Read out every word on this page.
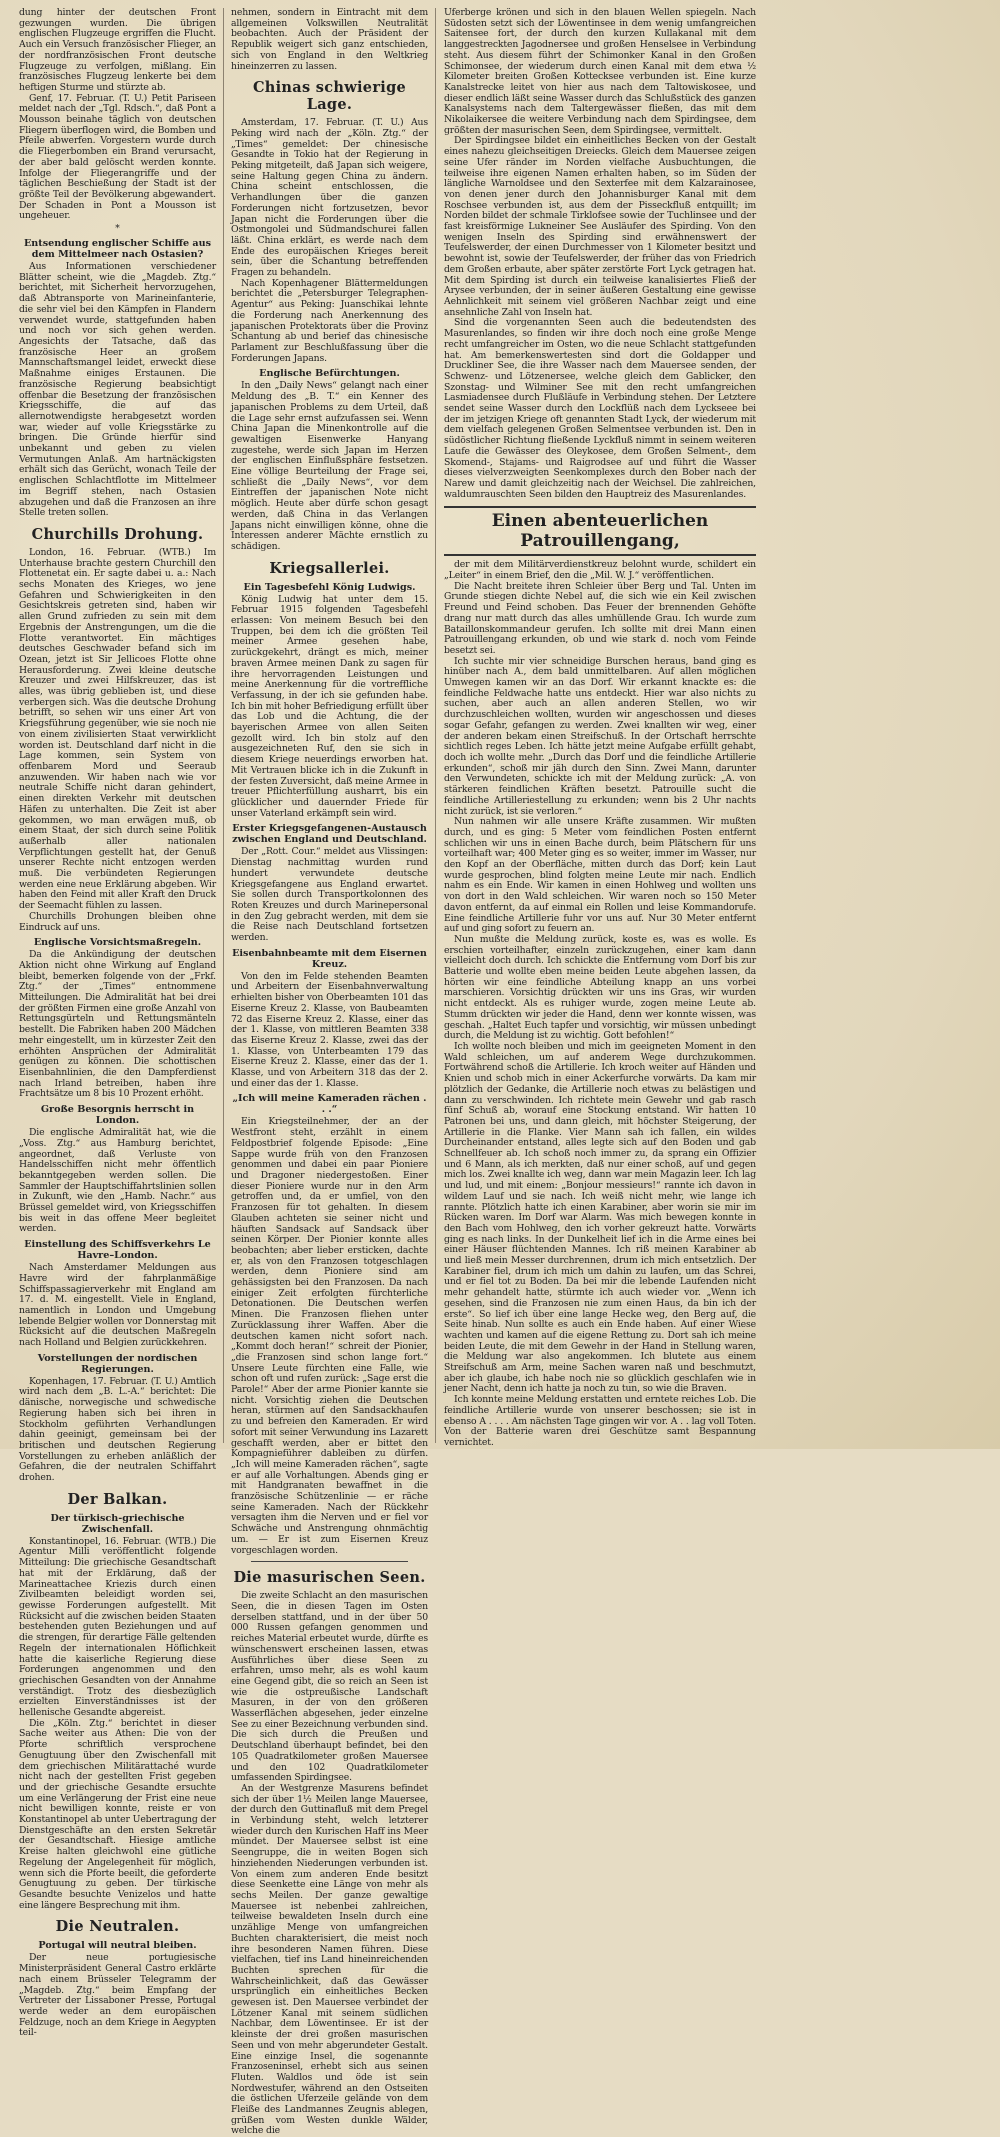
dung hinter der deutschen Front gezwungen wurden. Die übrigen englischen Flugzeuge ergriffen die Flucht. Auch ein Versuch französischer Flieger, an der nordfranzösischen Front deutsche Flugzeuge zu verfolgen, mißlang. Ein französisches Flugzeug lenkerte bei dem heftigen Sturme und stürzte ab.

Genf, 17. Februar. (T. U.) Petit Pariseen meldet nach der „Tgl. Rdsch.“, daß Pont a Mousson beinahe täglich von deutschen Fliegern überflogen wird, die Bomben und Pfeile abwerfen. Vorgestern wurde durch die Fliegerbomben ein Brand verursacht, der aber bald gelöscht werden konnte. Infolge der Fliegerangriffe und der täglichen Beschießung der Stadt ist der größte Teil der Bevölkerung abgewandert. Der Schaden in Pont a Mousson ist ungeheuer.

*
Entsendung englischer Schiffe aus dem Mittelmeer nach Ostasien?

Aus Informationen verschiedener Blätter scheint, wie die „Magdeb. Ztg.“ berichtet, mit Sicherheit hervorzugehen, daß Abtransporte von Marineinfanterie, die sehr viel bei den Kämpfen in Flandern verwendet wurde, stattgefunden haben und noch vor sich gehen werden. Angesichts der Tatsache, daß das französische Heer an großem Mannschaftsmangel leidet, erweckt diese Maßnahme einiges Erstaunen. Die französische Regierung beabsichtigt offenbar die Besetzung der französischen Kriegsschiffe, die auf das allernotwendigste herabgesetzt worden war, wieder auf volle Kriegsstärke zu bringen. Die Gründe hierfür sind unbekannt und geben zu vielen Vermutungen Anlaß. Am hartnäckigsten erhält sich das Gerücht, wonach Teile der englischen Schlachtflotte im Mittelmeer im Begriff stehen, nach Ostasien abzugehen und daß die Franzosen an ihre Stelle treten sollen.

Churchills Drohung.

London, 16. Februar. (WTB.) Im Unterhause brachte gestern Churchill den Flottenetat ein. Er sagte dabei u. a.: Nach sechs Monaten des Krieges, wo jene Gefahren und Schwierigkeiten in den Gesichtskreis getreten sind, haben wir allen Grund zufrieden zu sein mit dem Ergebnis der Anstrengungen, um die die Flotte verantwortet. Ein mächtiges deutsches Geschwader befand sich im Ozean, jetzt ist Sir Jellicoes Flotte ohne Herausforderung. Zwei kleine deutsche Kreuzer und zwei Hilfskreuzer, das ist alles, was übrig geblieben ist, und diese verbergen sich. Was die deutsche Drohung betrifft, so sehen wir uns einer Art von Kriegsführung gegenüber, wie sie noch nie von einem zivilisierten Staat verwirklicht worden ist. Deutschland darf nicht in die Lage kommen, sein System von offenbarem Mord und Seeraub anzuwenden. Wir haben nach wie vor neutrale Schiffe nicht daran gehindert, einen direkten Verkehr mit deutschen Häfen zu unterhalten. Die Zeit ist aber gekommen, wo man erwägen muß, ob einem Staat, der sich durch seine Politik außerhalb aller nationalen Verpflichtungen gestellt hat, der Genuß unserer Rechte nicht entzogen werden muß. Die verbündeten Regierungen werden eine neue Erklärung abgeben. Wir haben den Feind mit aller Kraft den Druck der Seemacht fühlen zu lassen.

Churchills Drohungen bleiben ohne Eindruck auf uns.

Englische Vorsichtsmaßregeln.

Da die Ankündigung der deutschen Aktion nicht ohne Wirkung auf England bleibt, bemerken folgende von der „Frkf. Ztg.“ der „Times“ entnommene Mitteilungen. Die Admiralität hat bei drei der größten Firmen eine große Anzahl von Rettungsgürteln und Rettungsmänteln bestellt. Die Fabriken haben 200 Mädchen mehr eingestellt, um in kürzester Zeit den erhöhten Ansprüchen der Admiralität genügen zu können. Die schottischen Eisenbahnlinien, die den Dampferdienst nach Irland betreiben, haben ihre Frachtsätze um 8 bis 10 Prozent erhöht.

Große Besorgnis herrscht in London.

Die englische Admiralität hat, wie die „Voss. Ztg.“ aus Hamburg berichtet, angeordnet, daß Verluste von Handelsschiffen nicht mehr öffentlich bekanntgegeben werden sollen. Die Sammler der Hauptschiffahrtslinien sollen in Zukunft, wie den „Hamb. Nachr.“ aus Brüssel gemeldet wird, von Kriegsschiffen bis weit in das offene Meer begleitet werden.

Einstellung des Schiffsverkehrs Le Havre–London.

Nach Amsterdamer Meldungen aus Havre wird der fahrplanmäßige Schiffspassagierverkehr mit England am 17. d. M. eingestellt. Viele in England, namentlich in London und Umgebung lebende Belgier wollen vor Donnerstag mit Rücksicht auf die deutschen Maßregeln nach Holland und Belgien zurückkehren.

Vorstellungen der nordischen Regierungen.

Kopenhagen, 17. Februar. (T. U.) Amtlich wird nach dem „B. L.-A.“ berichtet: Die dänische, norwegische und schwedische Regierung haben sich bei ihren in Stockholm geführten Verhandlungen dahin geeinigt, gemeinsam bei der britischen und deutschen Regierung Vorstellungen zu erheben anläßlich der Gefahren, die der neutralen Schiffahrt drohen.

Der Balkan.
Der türkisch-griechische Zwischenfall.

Konstantinopel, 16. Februar. (WTB.) Die Agentur Milli veröffentlicht folgende Mitteilung: Die griechische Gesandtschaft hat mit der Erklärung, daß der Marineattachee Kriezis durch einen Zivilbeamten beleidigt worden sei, gewisse Forderungen aufgestellt. Mit Rücksicht auf die zwischen beiden Staaten bestehenden guten Beziehungen und auf die strengen, für derartige Fälle geltenden Regeln der internationalen Höflichkeit hatte die kaiserliche Regierung diese Forderungen angenommen und den griechischen Gesandten von der Annahme verständigt. Trotz des diesbezüglich erzielten Einverständnisses ist der hellenische Gesandte abgereist.

Die „Köln. Ztg.“ berichtet in dieser Sache weiter aus Athen: Die von der Pforte schriftlich versprochene Genugtuung über den Zwischenfall mit dem griechischen Militärattaché wurde nicht nach der gestellten Frist gegeben und der griechische Gesandte ersuchte um eine Verlängerung der Frist eine neue nicht bewilligen konnte, reiste er von Konstantinopel ab unter Uebertragung der Dienstgeschäfte an den ersten Sekretär der Gesandtschaft. Hiesige amtliche Kreise halten gleichwohl eine gütliche Regelung der Angelegenheit für möglich, wenn sich die Pforte beeilt, die geforderte Genugtuung zu geben. Der türkische Gesandte besuchte Venizelos und hatte eine längere Besprechung mit ihm.

Die Neutralen.
Portugal will neutral bleiben.

Der neue portugiesische Ministerpräsident General Castro erklärte nach einem Brüsseler Telegramm der „Magdeb. Ztg.“ beim Empfang der Vertreter der Lissaboner Presse, Portugal werde weder an dem europäischen Feldzuge, noch an dem Kriege in Aegypten teil-

nehmen, sondern in Eintracht mit dem allgemeinen Volkswillen Neutralität beobachten. Auch der Präsident der Republik weigert sich ganz entschieden, sich von England in den Weltkrieg hineinzerren zu lassen.

Chinas schwierige Lage.

Amsterdam, 17. Februar. (T. U.) Aus Peking wird nach der „Köln. Ztg.“ der „Times“ gemeldet: Der chinesische Gesandte in Tokio hat der Regierung in Peking mitgeteilt, daß Japan sich weigere, seine Haltung gegen China zu ändern. China scheint entschlossen, die Verhandlungen über die ganzen Forderungen nicht fortzusetzen, bevor Japan nicht die Forderungen über die Ostmongolei und Südmandschurei fallen läßt. China erklärt, es werde nach dem Ende des europäischen Krieges bereit sein, über die Schantung betreffenden Fragen zu behandeln.

Nach Kopenhagener Blättermeldungen berichtet die „Petersburger Telegraphen-Agentur“ aus Peking: Juanschikai lehnte die Forderung nach Anerkennung des japanischen Protektorats über die Provinz Schantung ab und berief das chinesische Parlament zur Beschlußfassung über die Forderungen Japans.

Englische Befürchtungen.

In den „Daily News“ gelangt nach einer Meldung des „B. T.“ ein Kenner des japanischen Problems zu dem Urteil, daß die Lage sehr ernst aufzufassen sei. Wenn China Japan die Minenkontrolle auf die gewaltigen Eisenwerke Hanyang zugestehe, werde sich Japan im Herzen der englischen Einflußsphäre festsetzen. Eine völlige Beurteilung der Frage sei, schließt die „Daily News“, vor dem Eintreffen der japanischen Note nicht möglich. Heute aber dürfe schon gesagt werden, daß China in das Verlangen Japans nicht einwilligen könne, ohne die Interessen anderer Mächte ernstlich zu schädigen.

Kriegsallerlei.
Ein Tagesbefehl König Ludwigs.

König Ludwig hat unter dem 15. Februar 1915 folgenden Tagesbefehl erlassen: Von meinem Besuch bei den Truppen, bei dem ich die größten Teil meiner Armee gesehen habe, zurückgekehrt, drängt es mich, meiner braven Armee meinen Dank zu sagen für ihre hervorragenden Leistungen und meine Anerkennung für die vortreffliche Verfassung, in der ich sie gefunden habe. Ich bin mit hoher Befriedigung erfüllt über das Lob und die Achtung, die der bayerischen Armee von allen Seiten gezollt wird. Ich bin stolz auf den ausgezeichneten Ruf, den sie sich in diesem Kriege neuerdings erworben hat. Mit Vertrauen blicke ich in die Zukunft in der festen Zuversicht, daß meine Armee in treuer Pflichterfüllung ausharrt, bis ein glücklicher und dauernder Friede für unser Vaterland erkämpft sein wird.

Erster Kriegsgefangenen-Austausch zwischen England und Deutschland.

Der „Rott. Cour.“ meldet aus Vlissingen: Dienstag nachmittag wurden rund hundert verwundete deutsche Kriegsgefangene aus England erwartet. Sie sollen durch Transportkolonnen des Roten Kreuzes und durch Marinepersonal in den Zug gebracht werden, mit dem sie die Reise nach Deutschland fortsetzen werden.

Eisenbahnbeamte mit dem Eisernen Kreuz.

Von den im Felde stehenden Beamten und Arbeitern der Eisenbahnverwaltung erhielten bisher von Oberbeamten 101 das Eiserne Kreuz 2. Klasse, von Baubeamten 72 das Eiserne Kreuz 2. Klasse, einer das der 1. Klasse, von mittleren Beamten 338 das Eiserne Kreuz 2. Klasse, zwei das der 1. Klasse, von Unterbeamten 179 das Eiserne Kreuz 2. Klasse, einer das der 1. Klasse, und von Arbeitern 318 das der 2. und einer das der 1. Klasse.

„Ich will meine Kameraden rächen . . .“

Ein Kriegsteilnehmer, der an der Westfront steht, erzählt in einem Feldpostbrief folgende Episode: „Eine Sappe wurde früh von den Franzosen genommen und dabei ein paar Pioniere und Dragoner niedergestoßen. Einer dieser Pioniere wurde nur in den Arm getroffen und, da er umfiel, von den Franzosen für tot gehalten. In diesem Glauben achteten sie seiner nicht und häuften Sandsack auf Sandsack über seinen Körper. Der Pionier konnte alles beobachten; aber lieber ersticken, dachte er, als von den Franzosen totgeschlagen werden, denn Pioniere sind am gehässigsten bei den Franzosen. Da nach einiger Zeit erfolgten fürchterliche Detonationen. Die Deutschen werfen Minen. Die Franzosen fliehen unter Zurücklassung ihrer Waffen. Aber die deutschen kamen nicht sofort nach. „Kommt doch heran!“ schreit der Pionier, „die Franzosen sind schon lange fort.“ Unsere Leute fürchten eine Falle, wie schon oft und rufen zurück: „Sage erst die Parole!“ Aber der arme Pionier kannte sie nicht. Vorsichtig ziehen die Deutschen heran, stürmen auf den Sandsackhaufen zu und befreien den Kameraden. Er wird sofort mit seiner Verwundung ins Lazarett geschafft werden, aber er bittet den Kompagnieführer dableiben zu dürfen. „Ich will meine Kameraden rächen“, sagte er auf alle Vorhaltungen. Abends ging er mit Handgranaten bewaffnet in die französische Schützenlinie — er räche seine Kameraden. Nach der Rückkehr versagten ihm die Nerven und er fiel vor Schwäche und Anstrengung ohnmächtig um. — Er ist zum Eisernen Kreuz vorgeschlagen worden.

Die masurischen Seen.

Die zweite Schlacht an den masurischen Seen, die in diesen Tagen im Osten derselben stattfand, und in der über 50 000 Russen gefangen genommen und reiches Material erbeutet wurde, dürfte es wünschenswert erscheinen lassen, etwas Ausführliches über diese Seen zu erfahren, umso mehr, als es wohl kaum eine Gegend gibt, die so reich an Seen ist wie die ostpreußische Landschaft Masuren, in der von den größeren Wasserflächen abgesehen, jeder einzelne See zu einer Bezeichnung verbunden sind. Die sich durch die Preußen und Deutschland überhaupt befindet, bei den 105 Quadratkilometer großen Mauersee und den 102 Quadratkilometer umfassenden Spirdingsee.

An der Westgrenze Masurens befindet sich der über 1½ Meilen lange Mauersee, der durch den Guttinafluß mit dem Pregel in Verbindung steht, welch letzterer wieder durch den Kurischen Haff ins Meer mündet. Der Mauersee selbst ist eine Seengruppe, die in weiten Bogen sich hinziehenden Niederungen verbunden ist. Von einem zum anderen Ende besitzt diese Seenkette eine Länge von mehr als sechs Meilen. Der ganze gewaltige Mauersee ist nebenbei zahlreichen, teilweise bewaldeten Inseln durch eine unzählige Menge von umfangreichen Buchten charakterisiert, die meist noch ihre besonderen Namen führen. Diese vielfachen, tief ins Land hineinreichenden Buchten sprechen für die Wahrscheinlichkeit, daß das Gewässer ursprünglich ein einheitliches Becken gewesen ist. Den Mauersee verbindet der Lötzener Kanal mit seinem südlichen Nachbar, dem Löwentinsee. Er ist der kleinste der drei großen masurischen Seen und von mehr abgerundeter Gestalt. Eine einzige Insel, die sogenannte Franzoseninsel, erhebt sich aus seinen Fluten. Waldlos und öde ist sein Nordwestufer, während an den Ostseiten die östlichen Uferzeile gelände von dem Fleiße des Landmannes Zeugnis ablegen, grüßen vom Westen dunkle Wälder, welche die

Uferberge krönen und sich in den blauen Wellen spiegeln. Nach Südosten setzt sich der Löwentinsee in dem wenig umfangreichen Saitensee fort, der durch den kurzen Kullakanal mit dem langgestreckten Jagodnersee und großen Henselsee in Verbindung steht. Aus diesem führt der Schimonker Kanal in den Großen Schimonsee, der wiederum durch einen Kanal mit dem etwa ½ Kilometer breiten Großen Kottecksee verbunden ist. Eine kurze Kanalstrecke leitet von hier aus nach dem Taltowiskosee, und dieser endlich läßt seine Wasser durch das Schlußstück des ganzen Kanalsystems nach dem Taltergewässer fließen, das mit dem Nikolaikersee die weitere Verbindung nach dem Spirdingsee, dem größten der masurischen Seen, dem Spirdingsee, vermittelt.

Der Spirdingsee bildet ein einheitliches Becken von der Gestalt eines nahezu gleichseitigen Dreiecks. Gleich dem Mauersee zeigen seine Ufer ränder im Norden vielfache Ausbuchtungen, die teilweise ihre eigenen Namen erhalten haben, so im Süden der längliche Warnoldsee und den Sexterfee mit dem Kalzarainosee, von denen jener durch den Johannisburger Kanal mit dem Roschsee verbunden ist, aus dem der Pisseckfluß entquillt; im Norden bildet der schmale Tirklofsee sowie der Tuchlinsee und der fast kreisförmige Lukneiner See Ausläufer des Spirding. Von den wenigen Inseln des Spirding sind erwähnenswert der Teufelswerder, der einen Durchmesser von 1 Kilometer besitzt und bewohnt ist, sowie der Teufelswerder, der früher das von Friedrich dem Großen erbaute, aber später zerstörte Fort Lyck getragen hat. Mit dem Spirding ist durch ein teilweise kanalisiertes Fließ der Arysee verbunden, der in seiner äußeren Gestaltung eine gewisse Aehnlichkeit mit seinem viel größeren Nachbar zeigt und eine ansehnliche Zahl von Inseln hat.

Sind die vorgenannten Seen auch die bedeutendsten des Masurenlandes, so finden wir ihre doch noch eine große Menge recht umfangreicher im Osten, wo die neue Schlacht stattgefunden hat. Am bemerkenswertesten sind dort die Goldapper und Druckliner See, die ihre Wasser nach dem Mauersee senden, der Schwenz- und Lötzenersee, welche gleich dem Gablicker, den Szonstag- und Wilminer See mit den recht umfangreichen Lasmiadensee durch Flußläufe in Verbindung stehen. Der Letztere sendet seine Wasser durch den Lockflüß nach dem Lyckseee bei der im jetzigen Kriege oft genannten Stadt Lyck, der wiederum mit dem vielfach gelegenen Großen Selmentsee verbunden ist. Den in südöstlicher Richtung fließende Lyckfluß nimmt in seinem weiteren Laufe die Gewässer des Oleykosee, dem Großen Selment-, dem Skomend-, Stajams- und Raigrodsee auf und führt die Wasser dieses vielverzweigten Seenkomplexes durch den Bober nach der Narew und damit gleichzeitig nach der Weichsel. Die zahlreichen, waldumrauschten Seen bilden den Hauptreiz des Masurenlandes.

Einen abenteuerlichen Patrouillengang,

der mit dem Militärverdienstkreuz belohnt wurde, schildert ein „Leiter“ in einem Brief, den die „Mil. W. J.“ veröffentlichen.

Die Nacht breitete ihren Schleier über Berg und Tal. Unten im Grunde stiegen dichte Nebel auf, die sich wie ein Keil zwischen Freund und Feind schoben. Das Feuer der brennenden Gehöfte drang nur matt durch das alles umhüllende Grau. Ich wurde zum Bataillonskommandeur gerufen. Ich sollte mit drei Mann einen Patrouillengang erkunden, ob und wie stark d. noch vom Feinde besetzt sei.

Ich suchte mir vier schneidige Burschen heraus, band ging es hinüber nach A., dem bald unmittelbaren. Auf allen möglichen Umwegen kamen wir an das Dorf. Wir erkannt knackte es: die feindliche Feldwache hatte uns entdeckt. Hier war also nichts zu suchen, aber auch an allen anderen Stellen, wo wir durchzuschleichen wollten, wurden wir angeschossen und dieses sogar Gefahr, gefangen zu werden. Zwei knallten wir weg, einer der anderen bekam einen Streifschuß. In der Ortschaft herrschte sichtlich reges Leben. Ich hätte jetzt meine Aufgabe erfüllt gehabt, doch ich wollte mehr. „Durch das Dorf und die feindliche Artillerie erkunden“, schoß mir jäh durch den Sinn. Zwei Mann, darunter den Verwundeten, schickte ich mit der Meldung zurück: „A. von stärkeren feindlichen Kräften besetzt. Patrouille sucht die feindliche Artilleriestellung zu erkunden; wenn bis 2 Uhr nachts nicht zurück, ist sie verloren.“

Nun nahmen wir alle unsere Kräfte zusammen. Wir mußten durch, und es ging: 5 Meter vom feindlichen Posten entfernt schlichen wir uns in einen Bache durch, beim Plätschern für uns vorteilhaft war; 400 Meter ging es so weiter, immer im Wasser, nur den Kopf an der Oberfläche, mitten durch das Dorf; kein Laut wurde gesprochen, blind folgten meine Leute mir nach. Endlich nahm es ein Ende. Wir kamen in einen Hohlweg und wollten uns von dort in den Wald schleichen. Wir waren noch so 150 Meter davon entfernt, da auf einmal ein Rollen und leise Kommandorufe. Eine feindliche Artillerie fuhr vor uns auf. Nur 30 Meter entfernt auf und ging sofort zu feuern an.

Nun mußte die Meldung zurück, koste es, was es wolle. Es erschien vorteilhafter, einzeln zurückzugehen, einer kam dann vielleicht doch durch. Ich schickte die Entfernung vom Dorf bis zur Batterie und wollte eben meine beiden Leute abgehen lassen, da hörten wir eine feindliche Abteilung knapp an uns vorbei marschieren. Vorsichtig drückten wir uns ins Gras, wir wurden nicht entdeckt. Als es ruhiger wurde, zogen meine Leute ab. Stumm drückten wir jeder die Hand, denn wer konnte wissen, was geschah. „Haltet Euch tapfer und vorsichtig, wir müssen unbedingt durch, die Meldung ist zu wichtig. Gott befohlen!“

Ich wollte noch bleiben und mich im geeigneten Moment in den Wald schleichen, um auf anderem Wege durchzukommen. Fortwährend schoß die Artillerie. Ich kroch weiter auf Händen und Knien und schob mich in einer Ackerfurche vorwärts. Da kam mir plötzlich der Gedanke, die Artillerie noch etwas zu belästigen und dann zu verschwinden. Ich richtete mein Gewehr und gab rasch fünf Schuß ab, worauf eine Stockung entstand. Wir hatten 10 Patronen bei uns, und dann gleich, mit höchster Steigerung, der Artillerie in die Flanke. Vier Mann sah ich fallen, ein wildes Durcheinander entstand, alles legte sich auf den Boden und gab Schnellfeuer ab. Ich schoß noch immer zu, da sprang ein Offizier und 6 Mann, als ich merkten, daß nur einer schoß, auf und gegen mich los. Zwei knallte ich weg, dann war mein Magazin leer. Ich lag und lud, und mit einem: „Bonjour messieurs!“ rannte ich davon in wildem Lauf und sie nach. Ich weiß nicht mehr, wie lange ich rannte. Plötzlich hatte ich einen Karabiner, aber worin sie mir im Rücken waren. Im Dorf war Alarm. Was mich bewegen konnte in den Bach vom Hohlweg, den ich vorher gekreuzt hatte. Vorwärts ging es nach links. In der Dunkelheit lief ich in die Arme eines bei einer Häuser flüchtenden Mannes. Ich riß meinen Karabiner ab und ließ mein Messer durchrennen, drum ich mich entsetzlich. Der Karabiner fiel, drum ich mich um dahin zu laufen, um das Schrei, und er fiel tot zu Boden. Da bei mir die lebende Laufenden nicht mehr gehandelt hatte, stürmte ich auch wieder vor. „Wenn ich gesehen, sind die Franzosen nie zum einen Haus, da bin ich der erste“. So lief ich über eine lange Hecke weg, den Berg auf, die Seite hinab. Nun sollte es auch ein Ende haben. Auf einer Wiese wachten und kamen auf die eigene Rettung zu. Dort sah ich meine beiden Leute, die mit dem Gewehr in der Hand in Stellung waren, die Meldung war also angekommen. Ich blutete aus einem Streifschuß am Arm, meine Sachen waren naß und beschmutzt, aber ich glaube, ich habe noch nie so glücklich geschlafen wie in jener Nacht, denn ich hatte ja noch zu tun, so wie die Braven.

Ich konnte meine Meldung erstatten und erntete reiches Lob. Die feindliche Artillerie wurde von unserer beschossen; sie ist in ebenso A . . . . Am nächsten Tage gingen wir vor. A . . lag voll Toten. Von der Batterie waren drei Geschütze samt Bespannung vernichtet.
